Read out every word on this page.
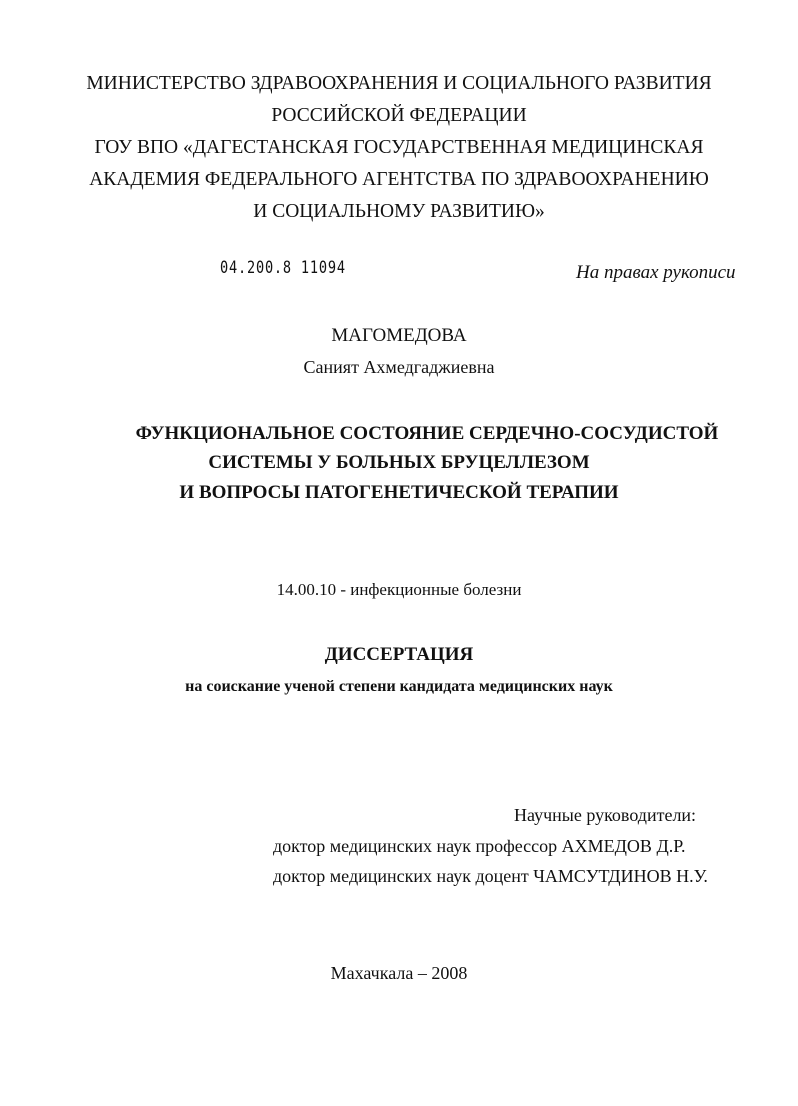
МИНИСТЕРСТВО ЗДРАВООХРАНЕНИЯ И СОЦИАЛЬНОГО РАЗВИТИЯ
РОССИЙСКОЙ ФЕДЕРАЦИИ
ГОУ ВПО «ДАГЕСТАНСКАЯ ГОСУДАРСТВЕННАЯ МЕДИЦИНСКАЯ
АКАДЕМИЯ ФЕДЕРАЛЬНОГО АГЕНТСТВА ПО ЗДРАВООХРАНЕНИЮ
И СОЦИАЛЬНОМУ РАЗВИТИЮ»
04.200.8 11094	На правах рукописи
МАГОМЕДОВА
Саният Ахмедгаджиевна
ФУНКЦИОНАЛЬНОЕ СОСТОЯНИЕ СЕРДЕЧНО-СОСУДИСТОЙ
СИСТЕМЫ У БОЛЬНЫХ БРУЦЕЛЛЕЗОМ
И ВОПРОСЫ ПАТОГЕНЕТИЧЕСКОЙ ТЕРАПИИ
14.00.10 - инфекционные болезни
ДИССЕРТАЦИЯ
на соискание ученой степени кандидата медицинских наук
Научные руководители:
доктор медицинских наук профессор АХМЕДОВ Д.Р.
доктор медицинских наук доцент ЧАМСУТДИНОВ Н.У.
Махачкала – 2008
